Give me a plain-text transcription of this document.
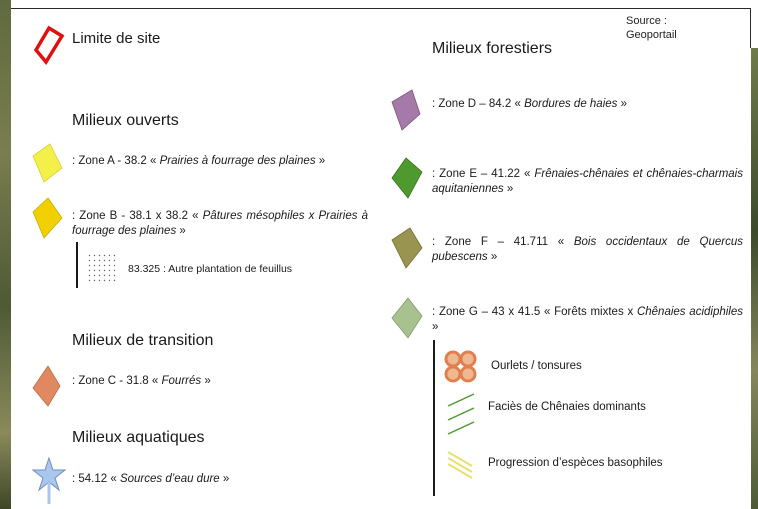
Source :
Geoportail
Limite de site
Milieux ouverts
: Zone A - 38.2 « Prairies à fourrage des plaines »
: Zone B - 38.1 x 38.2 « Pâtures mésophiles x Prairies à fourrage des plaines »
83.325 : Autre plantation de feuillus
Milieux de transition
: Zone C - 31.8 « Fourrés »
Milieux aquatiques
: 54.12 « Sources d’eau dure »
Milieux forestiers
: Zone D – 84.2 « Bordures de haies »
: Zone E – 41.22 « Frênaies-chênaies et chênaies-charmais aquitaniennes »
: Zone F – 41.711 « Bois occidentaux de Quercus pubescens »
: Zone G – 43 x 41.5 « Forêts mixtes x Chênaies acidiphiles »
Ourlets / tonsures
Faciès de Chênaies dominants
Progression d’espèces basophiles
